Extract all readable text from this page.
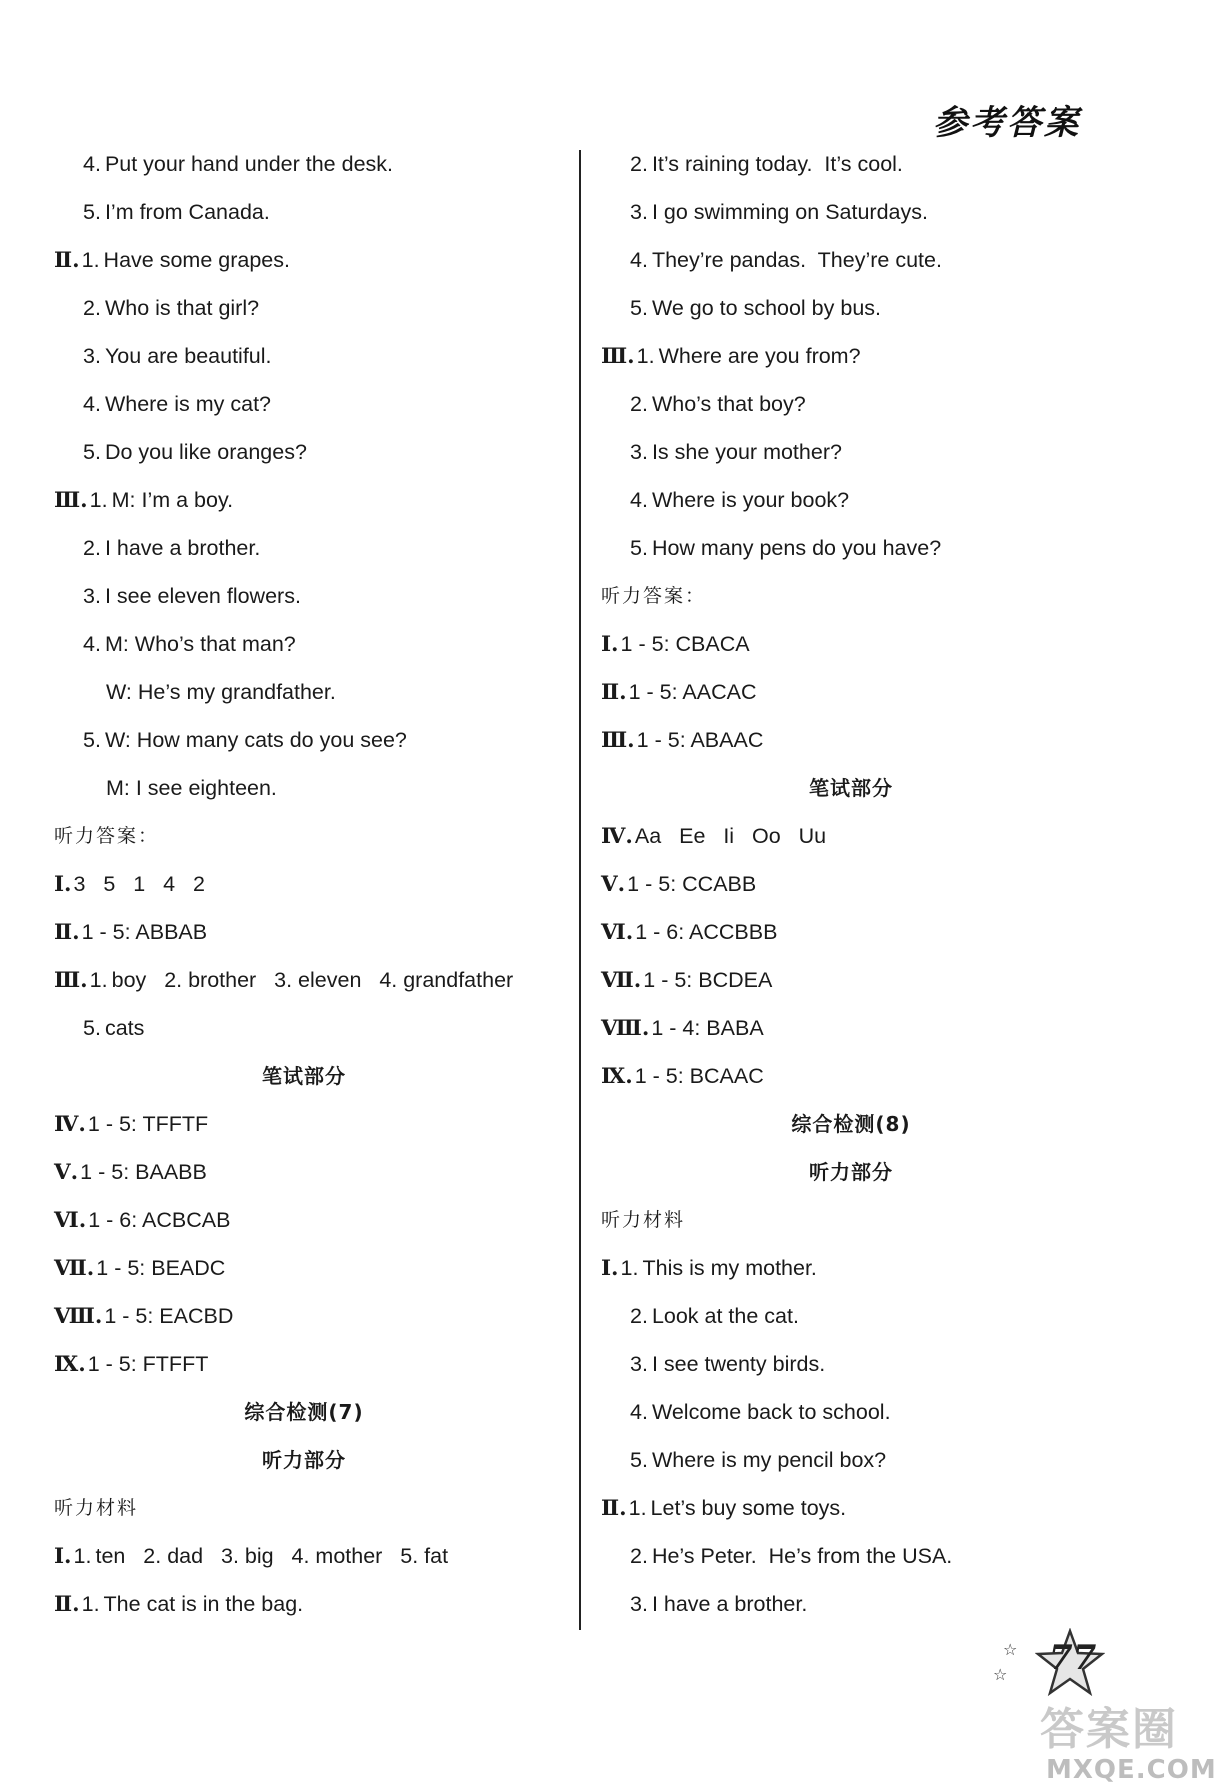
参考答案
4. Put your hand under the desk.
5. I’m from Canada.
Ⅱ. 1. Have some grapes.
2. Who is that girl?
3. You are beautiful.
4. Where is my cat?
5. Do you like oranges?
Ⅲ. 1. M: I’m a boy.
2. I have a brother.
3. I see eleven flowers.
4. M: Who’s that man?
W: He’s my grandfather.
5. W: How many cats do you see?
M: I see eighteen.
听力答案：
Ⅰ. 3   5   1   4   2
Ⅱ. 1 - 5: ABBAB
Ⅲ. 1. boy   2. brother   3. eleven   4. grandfather
5. cats
笔试部分
Ⅳ. 1 - 5: TFFTF
Ⅴ. 1 - 5: BAABB
Ⅵ. 1 - 6: ACBCAB
Ⅶ. 1 - 5: BEADC
Ⅷ. 1 - 5: EACBD
Ⅸ. 1 - 5: FTFFT
综合检测(7)
听力部分
听力材料
Ⅰ. 1. ten   2. dad   3. big   4. mother   5. fat
Ⅱ. 1. The cat is in the bag.
2. It’s raining today.  It’s cool.
3. I go swimming on Saturdays.
4. They’re pandas.  They’re cute.
5. We go to school by bus.
Ⅲ. 1. Where are you from?
2. Who’s that boy?
3. Is she your mother?
4. Where is your book?
5. How many pens do you have?
听力答案：
Ⅰ. 1 - 5: CBACA
Ⅱ. 1 - 5: AACAC
Ⅲ. 1 - 5: ABAAC
笔试部分
Ⅳ. Aa   Ee   Ii   Oo   Uu
Ⅴ. 1 - 5: CCABB
Ⅵ. 1 - 6: ACCBBB
Ⅶ. 1 - 5: BCDEA
Ⅷ. 1 - 4: BABA
Ⅸ. 1 - 5: BCAAC
综合检测(8)
听力部分
听力材料
Ⅰ. 1. This is my mother.
2. Look at the cat.
3. I see twenty birds.
4. Welcome back to school.
5. Where is my pencil box?
Ⅱ. 1. Let’s buy some toys.
2. He’s Peter.  He’s from the USA.
3. I have a brother.
77
☆
☆
答案圈
MXQE.COM
